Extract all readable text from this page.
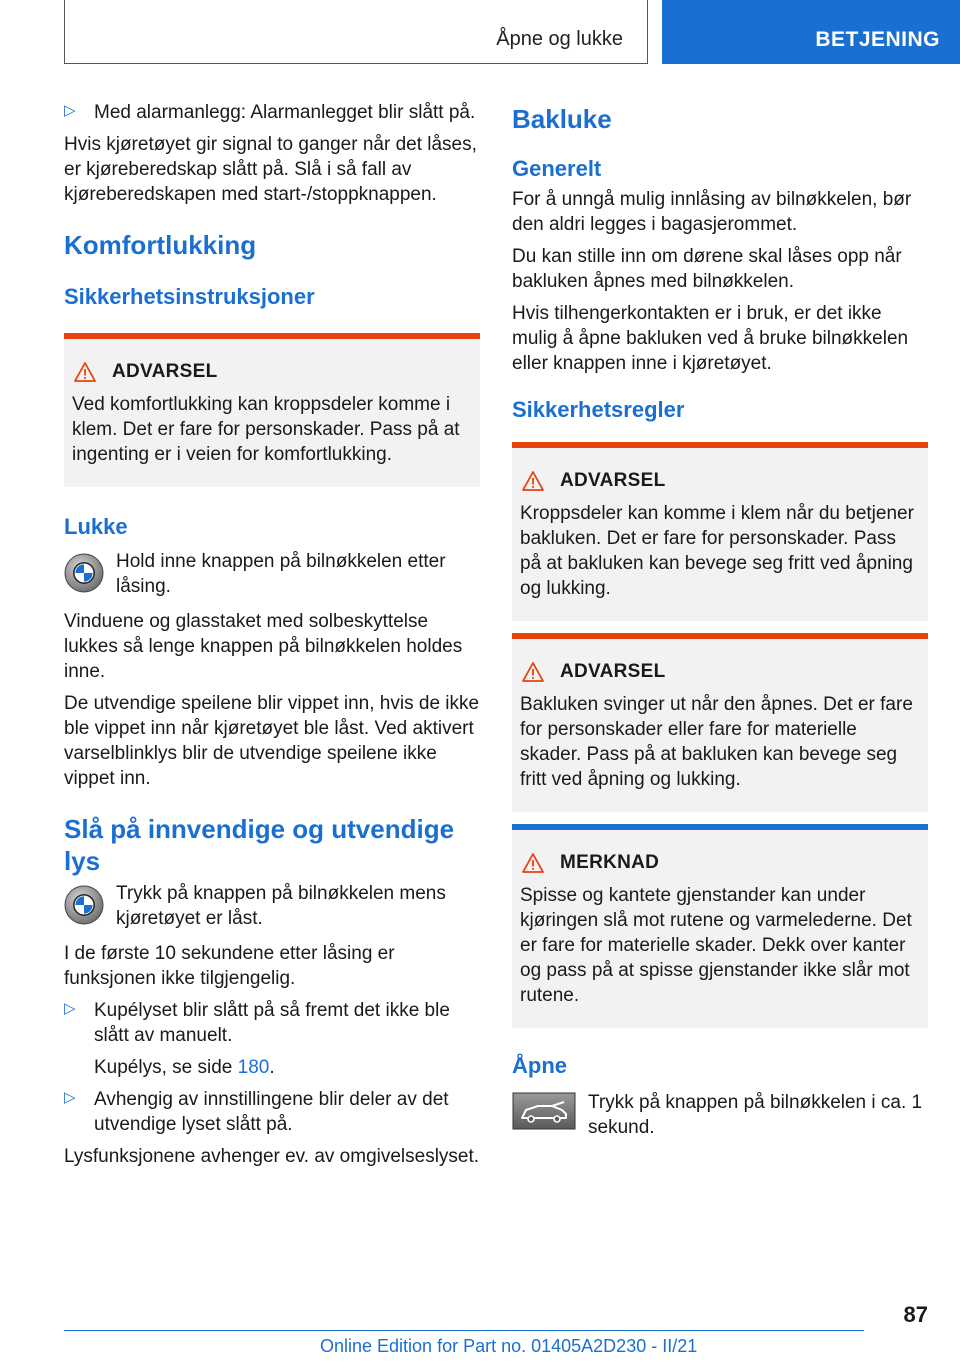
Åpne og lukke	BETJENING
▷ Med alarmanlegg: Alarmanlegget blir slått på.

Hvis kjøretøyet gir signal to ganger når det låses, er kjøreberedskap slått på. Slå i så fall av kjøreberedskapen med start-/stoppknappen.

Komfortlukking
Sikkerhetsinstruksjoner
ADVARSEL

Ved komfortlukking kan kroppsdeler komme i klem. Det er fare for personskader. Pass på at ingenting er i veien for komfortlukking.

Lukke

Hold inne knappen på bilnøkkelen etter låsing.

Vinduene og glasstaket med solbeskyttelse lukkes så lenge knappen på bilnøkkelen holdes inne.

De utvendige speilene blir vippet inn, hvis de ikke ble vippet inn når kjøretøyet ble låst. Ved aktivert varselblinklys blir de utvendige speilene ikke vippet inn.

Slå på innvendige og utvendige lys

Trykk på knappen på bilnøkkelen mens kjøretøyet er låst.

I de første 10 sekundene etter låsing er funksjonen ikke tilgjengelig.

▷ Kupélyset blir slått på så fremt det ikke ble slått av manuelt.

Kupélys, se side 180.

▷ Avhengig av innstillingene blir deler av det utvendige lyset slått på.

Lysfunksjonene avhenger ev. av omgivelseslyset.

Bakluke
Generelt

For å unngå mulig innlåsing av bilnøkkelen, bør den aldri legges i bagasjerommet.

Du kan stille inn om dørene skal låses opp når bakluken åpnes med bilnøkkelen.

Hvis tilhengerkontakten er i bruk, er det ikke mulig å åpne bakluken ved å bruke bilnøkkelen eller knappen inne i kjøretøyet.

Sikkerhetsregler
ADVARSEL

Kroppsdeler kan komme i klem når du betjener bakluken. Det er fare for personskader. Pass på at bakluken kan bevege seg fritt ved åpning og lukking.

ADVARSEL

Bakluken svinger ut når den åpnes. Det er fare for personskader eller fare for materielle skader. Pass på at bakluken kan bevege seg fritt ved åpning og lukking.

MERKNAD

Spisse og kantete gjenstander kan under kjøringen slå mot rutene og varmelederne. Det er fare for materielle skader. Dekk over kanter og pass på at spisse gjenstander ikke slår mot rutene.

Åpne

Trykk på knappen på bilnøkkelen i ca. 1 sekund.

87
Online Edition for Part no. 01405A2D230 - II/21
